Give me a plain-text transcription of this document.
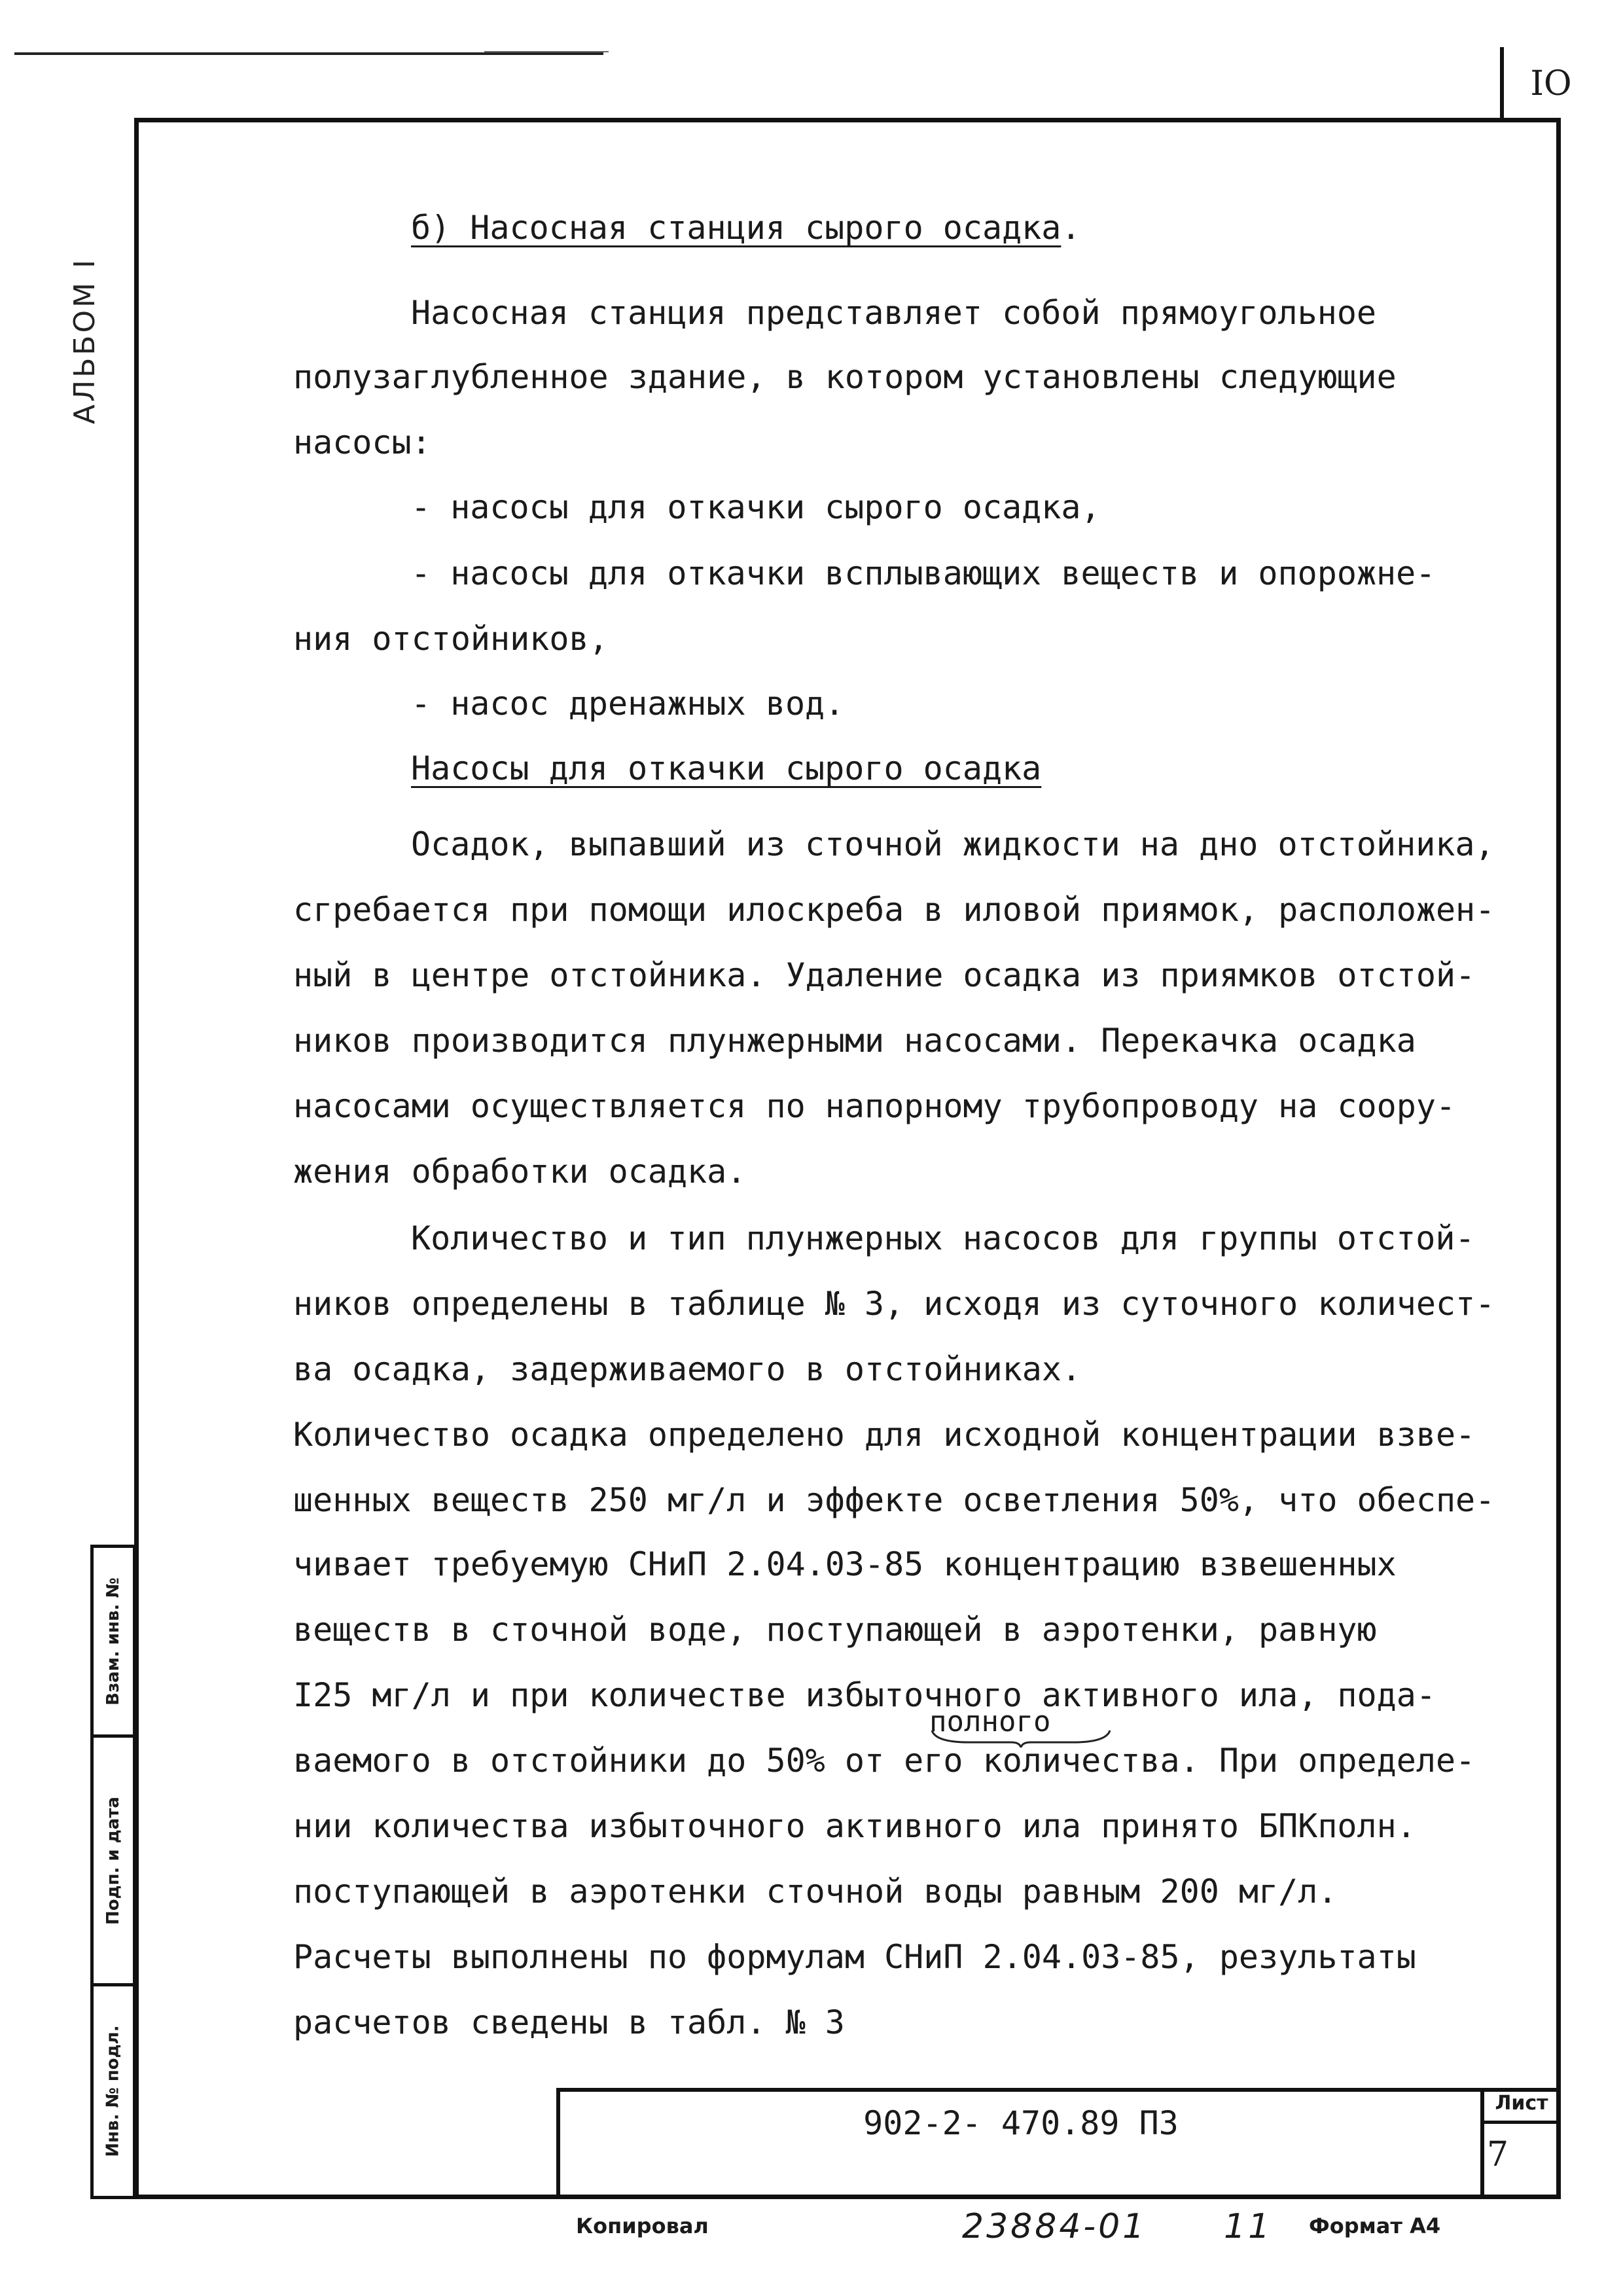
IO
АЛЬБОМ I
Взам. инв. №
Подп. и дата
Инв. № подл.
б) Насосная станция сырого осадка.
Насосная станция представляет собой прямоугольное
полузаглубленное здание, в котором установлены следующие
насосы:
- насосы для откачки сырого осадка,
- насосы для откачки всплывающих веществ и опорожне-
ния отстойников,
- насос дренажных вод.
Насосы для откачки сырого осадка
Осадок, выпавший из сточной жидкости на дно отстойника,
сгребается при помощи илоскреба в иловой приямок, расположен-
ный в центре отстойника. Удаление осадка из приямков отстой-
ников производится плунжерными насосами. Перекачка осадка
насосами осуществляется по напорному трубопроводу на соору-
жения обработки осадка.
Количество и тип плунжерных насосов для группы отстой-
ников определены в таблице № 3, исходя из суточного количест-
ва осадка, задерживаемого в отстойниках.
Количество осадка определено для исходной концентрации взве-
шенных веществ 250 мг/л и эффекте осветления 50%, что обеспе-
чивает требуемую СНиП 2.04.03-85 концентрацию взвешенных
веществ в сточной воде, поступающей в аэротенки, равную
I25 мг/л и при количестве избыточного активного ила, пода-
полного
ваемого в отстойники до 50% от его количества. При определе-
нии количества избыточного активного ила принято БПКполн.
поступающей в аэротенки сточной воды равным 200 мг/л.
Расчеты выполнены по формулам СНиП 2.04.03-85, результаты
расчетов сведены в табл. № 3
902-2- 470.89 ПЗ
Лист
7
Копировал	23884-01 11 Формат А4
